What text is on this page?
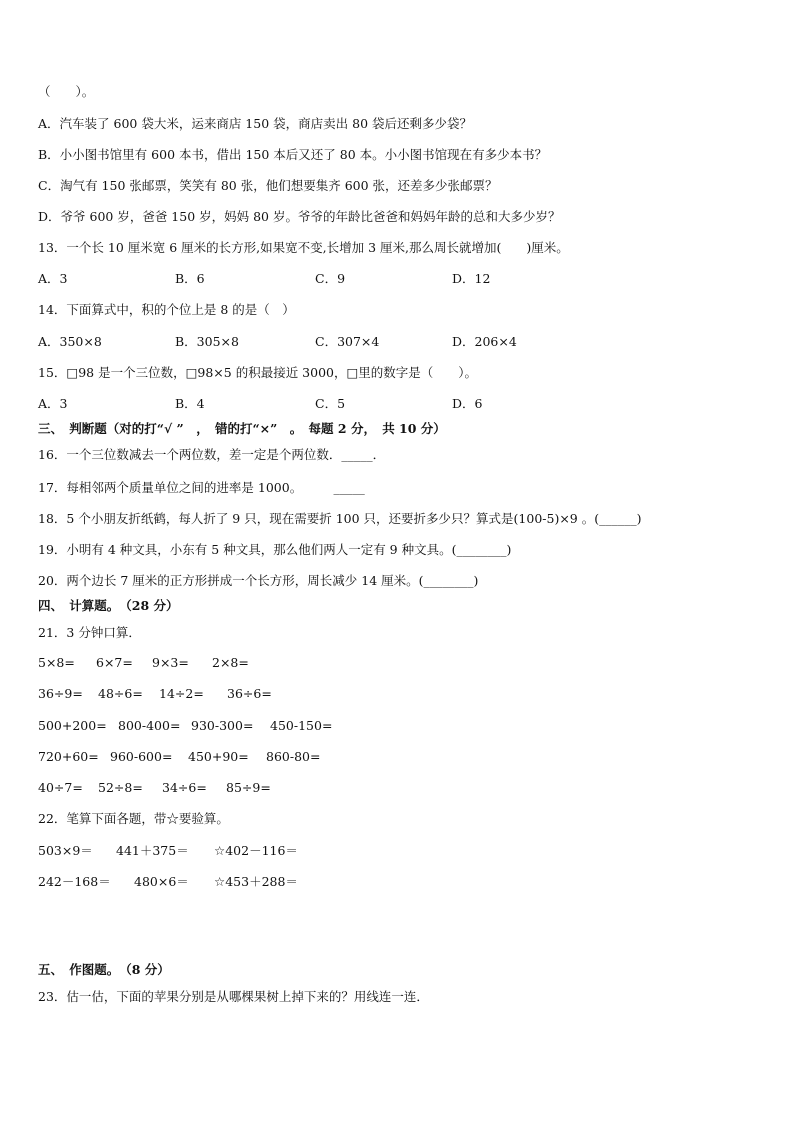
（　　）。
A．汽车装了 600 袋大米，运来商店 150 袋，商店卖出 80 袋后还剩多少袋？
B．小小图书馆里有 600 本书，借出 150 本后又还了 80 本。小小图书馆现在有多少本书？
C．淘气有 150 张邮票，笑笑有 80 张，他们想要集齐 600 张，还差多少张邮票？
D．爷爷 600 岁，爸爸 150 岁，妈妈 80 岁。爷爷的年龄比爸爸和妈妈年龄的总和大多少岁？
13．一个长 10 厘米宽 6 厘米的长方形,如果宽不变,长增加 3 厘米,那么周长就增加(　　)厘米。
A．3	B．6	C．9	D．12
14．下面算式中，积的个位上是 8 的是（　）
A．350×8	B．305×8	C．307×4	D．206×4
15．□98 是一个三位数，□98×5 的积最接近 3000，□里的数字是（　　）。
A．3	B．4	C．5	D．6
三、　判断题（对的打“√ ”　，　错的打“×”　。　每题 2 分，　共 10 分）
16．一个三位数减去一个两位数，差一定是个两位数．_____．
17．每相邻两个质量单位之间的进率是 1000。　　　_____
18．5 个小朋友折纸鹤，每人折了 9 只，现在需要折 100 只，还要折多少只？算式是(100-5)×9 。(______)
19．小明有 4 种文具，小东有 5 种文具，那么他们两人一定有 9 种文具。(________)
20．两个边长 7 厘米的正方形拼成一个长方形，周长减少 14 厘米。(________)
四、　计算题。　（28 分）
21．3 分钟口算．
5×8= 6×7= 9×3= 2×8=
36÷9= 48÷6= 14÷2= 36÷6=
500+200= 800-400= 930-300= 450-150=
720+60= 960-600= 450+90= 860-80=
40÷7= 52÷8= 34÷6= 85÷9=
22．笔算下面各题，带☆要验算。
503×9＝ 441＋375＝ ☆402－116＝
242－168＝ 480×6＝ ☆453＋288＝
五、　作图题。　（8 分）
23．估一估，下面的苹果分别是从哪棵果树上掉下来的？用线连一连．
